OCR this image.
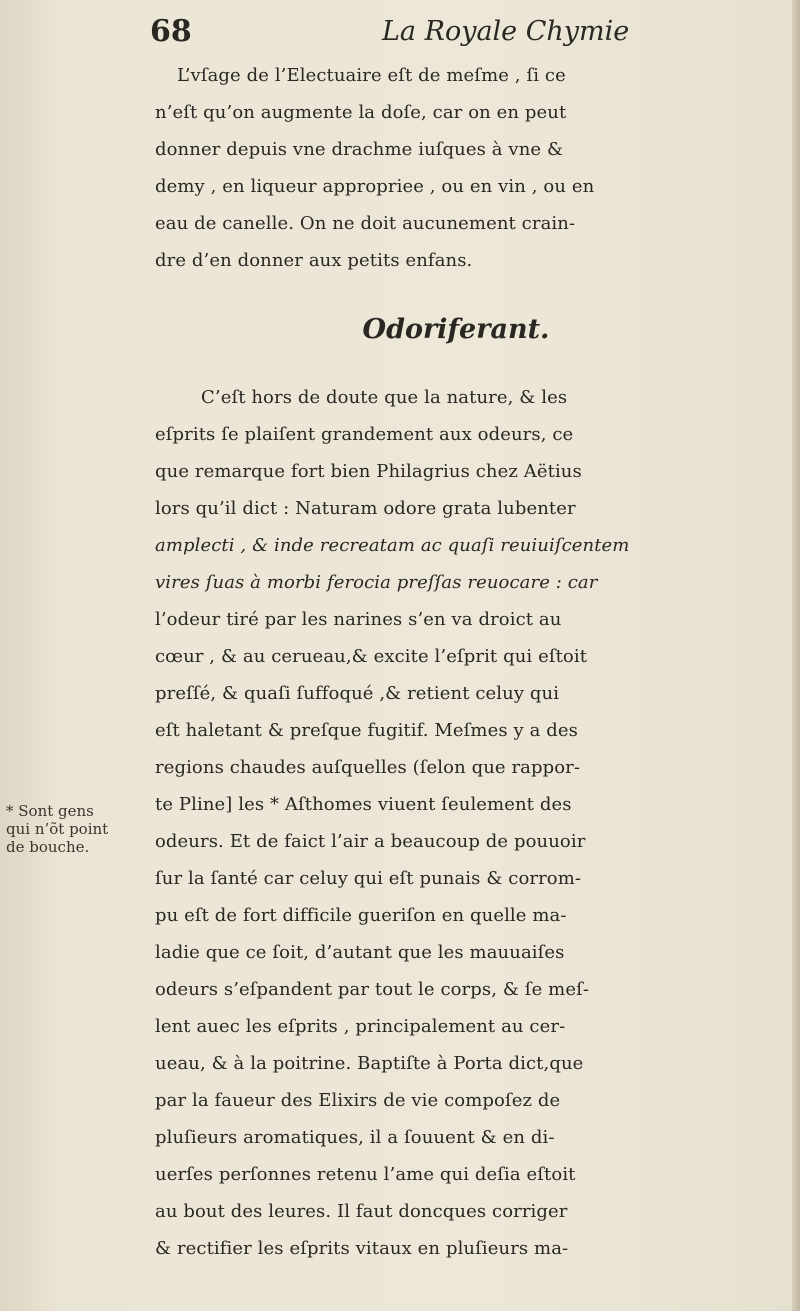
68	La Royale Chymie
L’vſage de l’Electuaire eſt de meſme , ſi ce
n’eſt qu’on augmente la doſe, car on en peut
donner depuis vne drachme iuſques à vne &
demy , en liqueur appropriee , ou en vin , ou en
eau de canelle. On ne doit aucunement crain-
dre d’en donner aux petits enfans.
Odoriferant.
C’eſt hors de doute que la nature, & les
eſprits ſe plaiſent grandement aux odeurs, ce
que remarque fort bien Philagrius chez Aëtius
lors qu’il dict : Naturam odore grata lubenter
amplecti , & inde recreatam ac quaſi reuiuiſcentem
vires ſuas à morbi ferocia preſſas reuocare : car
l’odeur tiré par les narines s’en va droict au
cœur , & au cerueau,& excite l’eſprit qui eſtoit
preſſé, & quaſi ſuffoqué ,& retient celuy qui
eſt haletant & preſque fugitif. Meſmes y a des
regions chaudes auſquelles (ſelon que rappor-
te Pline] les * Aſthomes viuent ſeulement des
odeurs. Et de faict l’air a beaucoup de pouuoir
ſur la ſanté car celuy qui eſt punais & corrom-
pu eſt de fort difficile gueriſon en quelle ma-
ladie que ce ſoit, d’autant que les mauuaiſes
odeurs s’eſpandent par tout le corps, & ſe meſ-
lent auec les eſprits , principalement au cer-
ueau, & à la poitrine. Baptiſte à Porta dict,que
par la faueur des Elixirs de vie compoſez de
pluſieurs aromatiques, il a ſouuent & en di-
uerſes perſonnes retenu l’ame qui deſia eſtoit
au bout des leures. Il faut doncques corriger
& rectifier les eſprits vitaux en pluſieurs ma-
* Sont gens
qui n’õt point
de bouche.
